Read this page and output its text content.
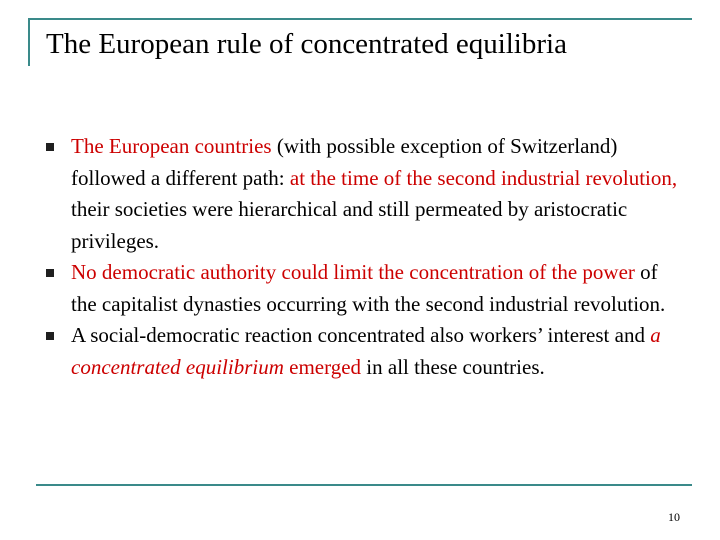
The European rule of concentrated equilibria
The European countries (with possible exception of Switzerland) followed a different path: at the time of the second industrial revolution, their societies were hierarchical and still permeated by aristocratic privileges.
No democratic authority could limit the concentration of the power of the capitalist dynasties occurring with the second industrial revolution.
A social-democratic reaction concentrated also workers’ interest and a concentrated equilibrium emerged in all these countries.
10
